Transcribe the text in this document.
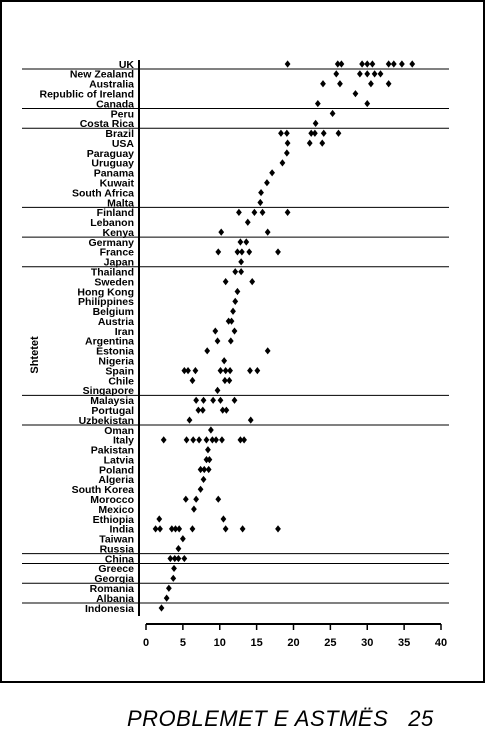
0	5	10 15 20 25 30 35 40
UK
New Zealand
Australia
Republic of Ireland
Canada
Peru
Costa Rica
Brazil
USA
Paraguay
Uruguay
Panama
Kuwait
South Africa
Malta
Finland
Lebanon
Kenya
Germany
France
Japan
Thailand
Sweden
Hong Kong
Philippines
Belgium
Austria
Iran
Argentina
Estonia
Nigeria
Spain
Chile
Singapore
Malaysia
Portugal
Uzbekistan
Oman
Italy
Pakistan
Latvia
Poland
Algeria
South Korea
Morocco
Mexico
Ethiopia
India
Taiwan
Russia
China
Greece
Georgia
Romania
Albania
Indonesia
Shtetet
PROBLEMET E ASTMËS 25
